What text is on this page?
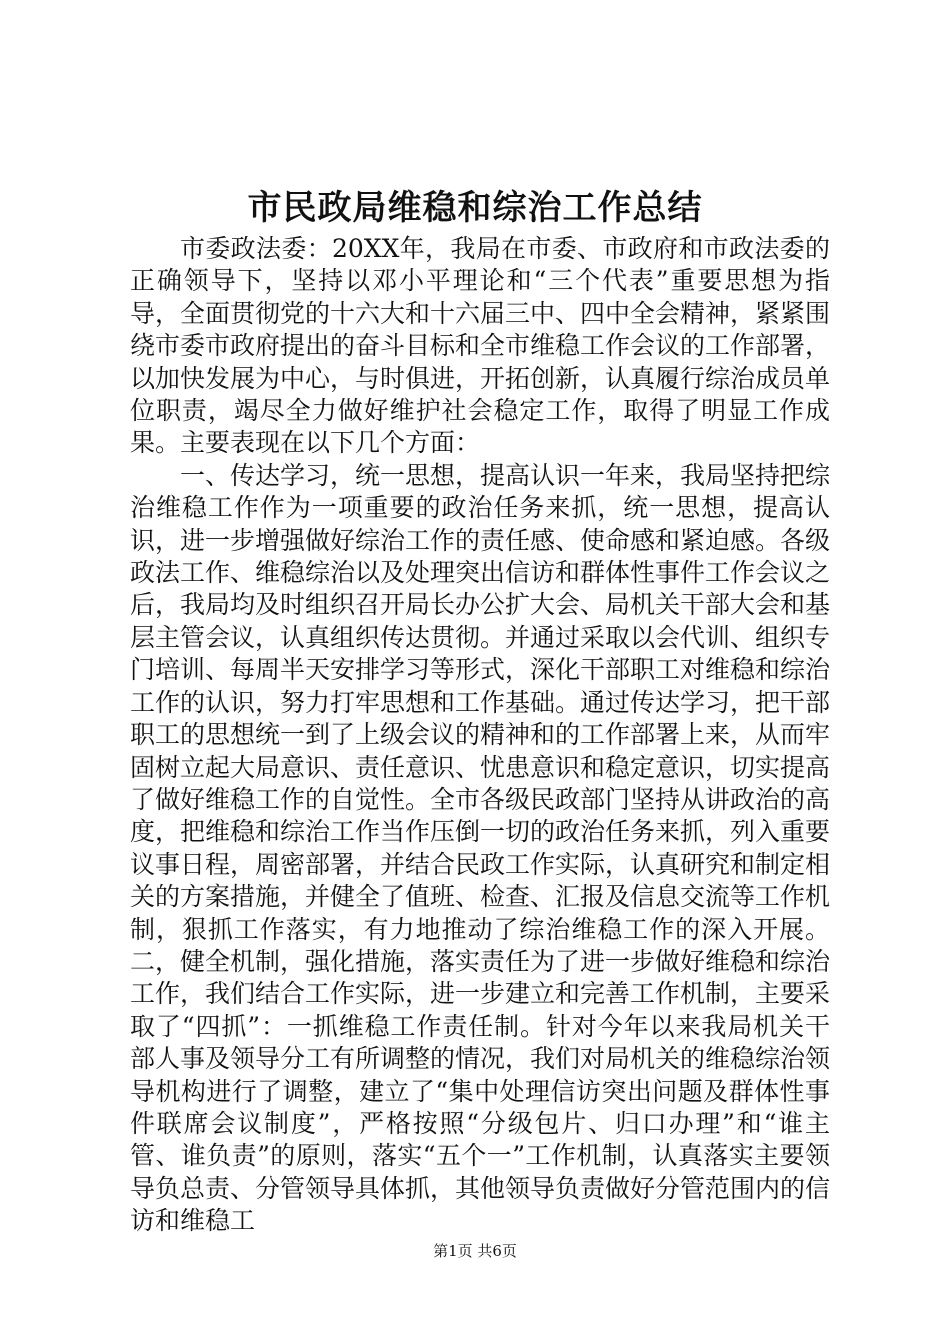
市民政局维稳和综治工作总结

市委政法委：20XX年，我局在市委、市政府和市政法委的正确领导下，坚持以邓小平理论和“三个代表”重要思想为指导，全面贯彻党的十六大和十六届三中、四中全会精神，紧紧围绕市委市政府提出的奋斗目标和全市维稳工作会议的工作部署，以加快发展为中心，与时俱进，开拓创新，认真履行综治成员单位职责，竭尽全力做好维护社会稳定工作，取得了明显工作成果。主要表现在以下几个方面：

一、传达学习，统一思想，提高认识一年来，我局坚持把综治维稳工作作为一项重要的政治任务来抓，统一思想，提高认识，进一步增强做好综治工作的责任感、使命感和紧迫感。各级政法工作、维稳综治以及处理突出信访和群体性事件工作会议之后，我局均及时组织召开局长办公扩大会、局机关干部大会和基层主管会议，认真组织传达贯彻。并通过采取以会代训、组织专门培训、每周半天安排学习等形式，深化干部职工对维稳和综治工作的认识，努力打牢思想和工作基础。通过传达学习，把干部职工的思想统一到了上级会议的精神和的工作部署上来，从而牢固树立起大局意识、责任意识、忧患意识和稳定意识，切实提高了做好维稳工作的自觉性。全市各级民政部门坚持从讲政治的高度，把维稳和综治工作当作压倒一切的政治任务来抓，列入重要议事日程，周密部署，并结合民政工作实际，认真研究和制定相关的方案措施，并健全了值班、检查、汇报及信息交流等工作机制，狠抓工作落实，有力地推动了综治维稳工作的深入开展。二，健全机制，强化措施，落实责任为了进一步做好维稳和综治工作，我们结合工作实际，进一步建立和完善工作机制，主要采取了“四抓”：一抓维稳工作责任制。针对今年以来我局机关干部人事及领导分工有所调整的情况，我们对局机关的维稳综治领导机构进行了调整，建立了“集中处理信访突出问题及群体性事件联席会议制度”，严格按照“分级包片、归口办理”和“谁主管、谁负责”的原则，落实“五个一”工作机制，认真落实主要领导负总责、分管领导具体抓，其他领导负责做好分管范围内的信访和维稳工

第1页 共6页
